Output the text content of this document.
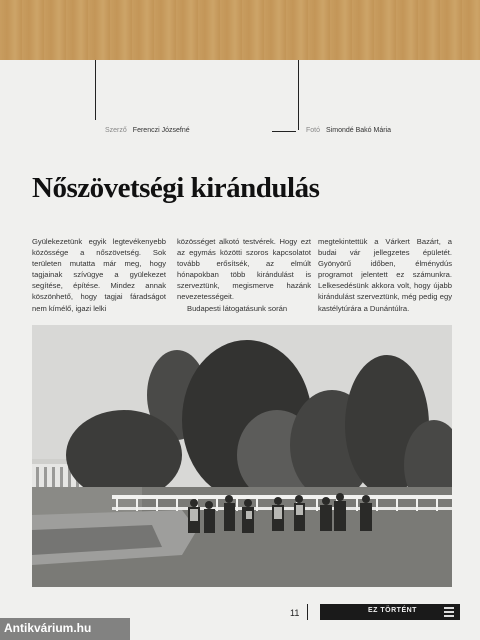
Szerző Ferenczi Józsefné	Fotó Simondé Bakó Mária
Nőszövetségi kirándulás

Gyülekezetünk egyik legtevékenyebb közössége a nőszövetség. Sok területen mutatta már meg, hogy tagjainak szívügye a gyülekezet segítése, építése. Mindez annak köszönhető, hogy tagjai fáradságot nem kímélő, igazi lelki

közösséget alkotó testvérek. Hogy ezt az egymás közötti szoros kapcsolatot tovább erősítsék, az elmúlt hónapokban több kirándulást is szerveztünk, megismerve hazánk nevezetességeit.

Budapesti látogatásunk során

megtekintettük a Várkert Bazárt, a budai vár jellegzetes épületét. Gyönyörű időben, élménydús programot jelentett ez számunkra. Lelkesedésünk akkora volt, hogy újabb kirándulást szerveztünk, még pedig egy kastélytúrára a Dunántúlra.

11	EZ TÖRTÉNT
Antikvárium.hu
